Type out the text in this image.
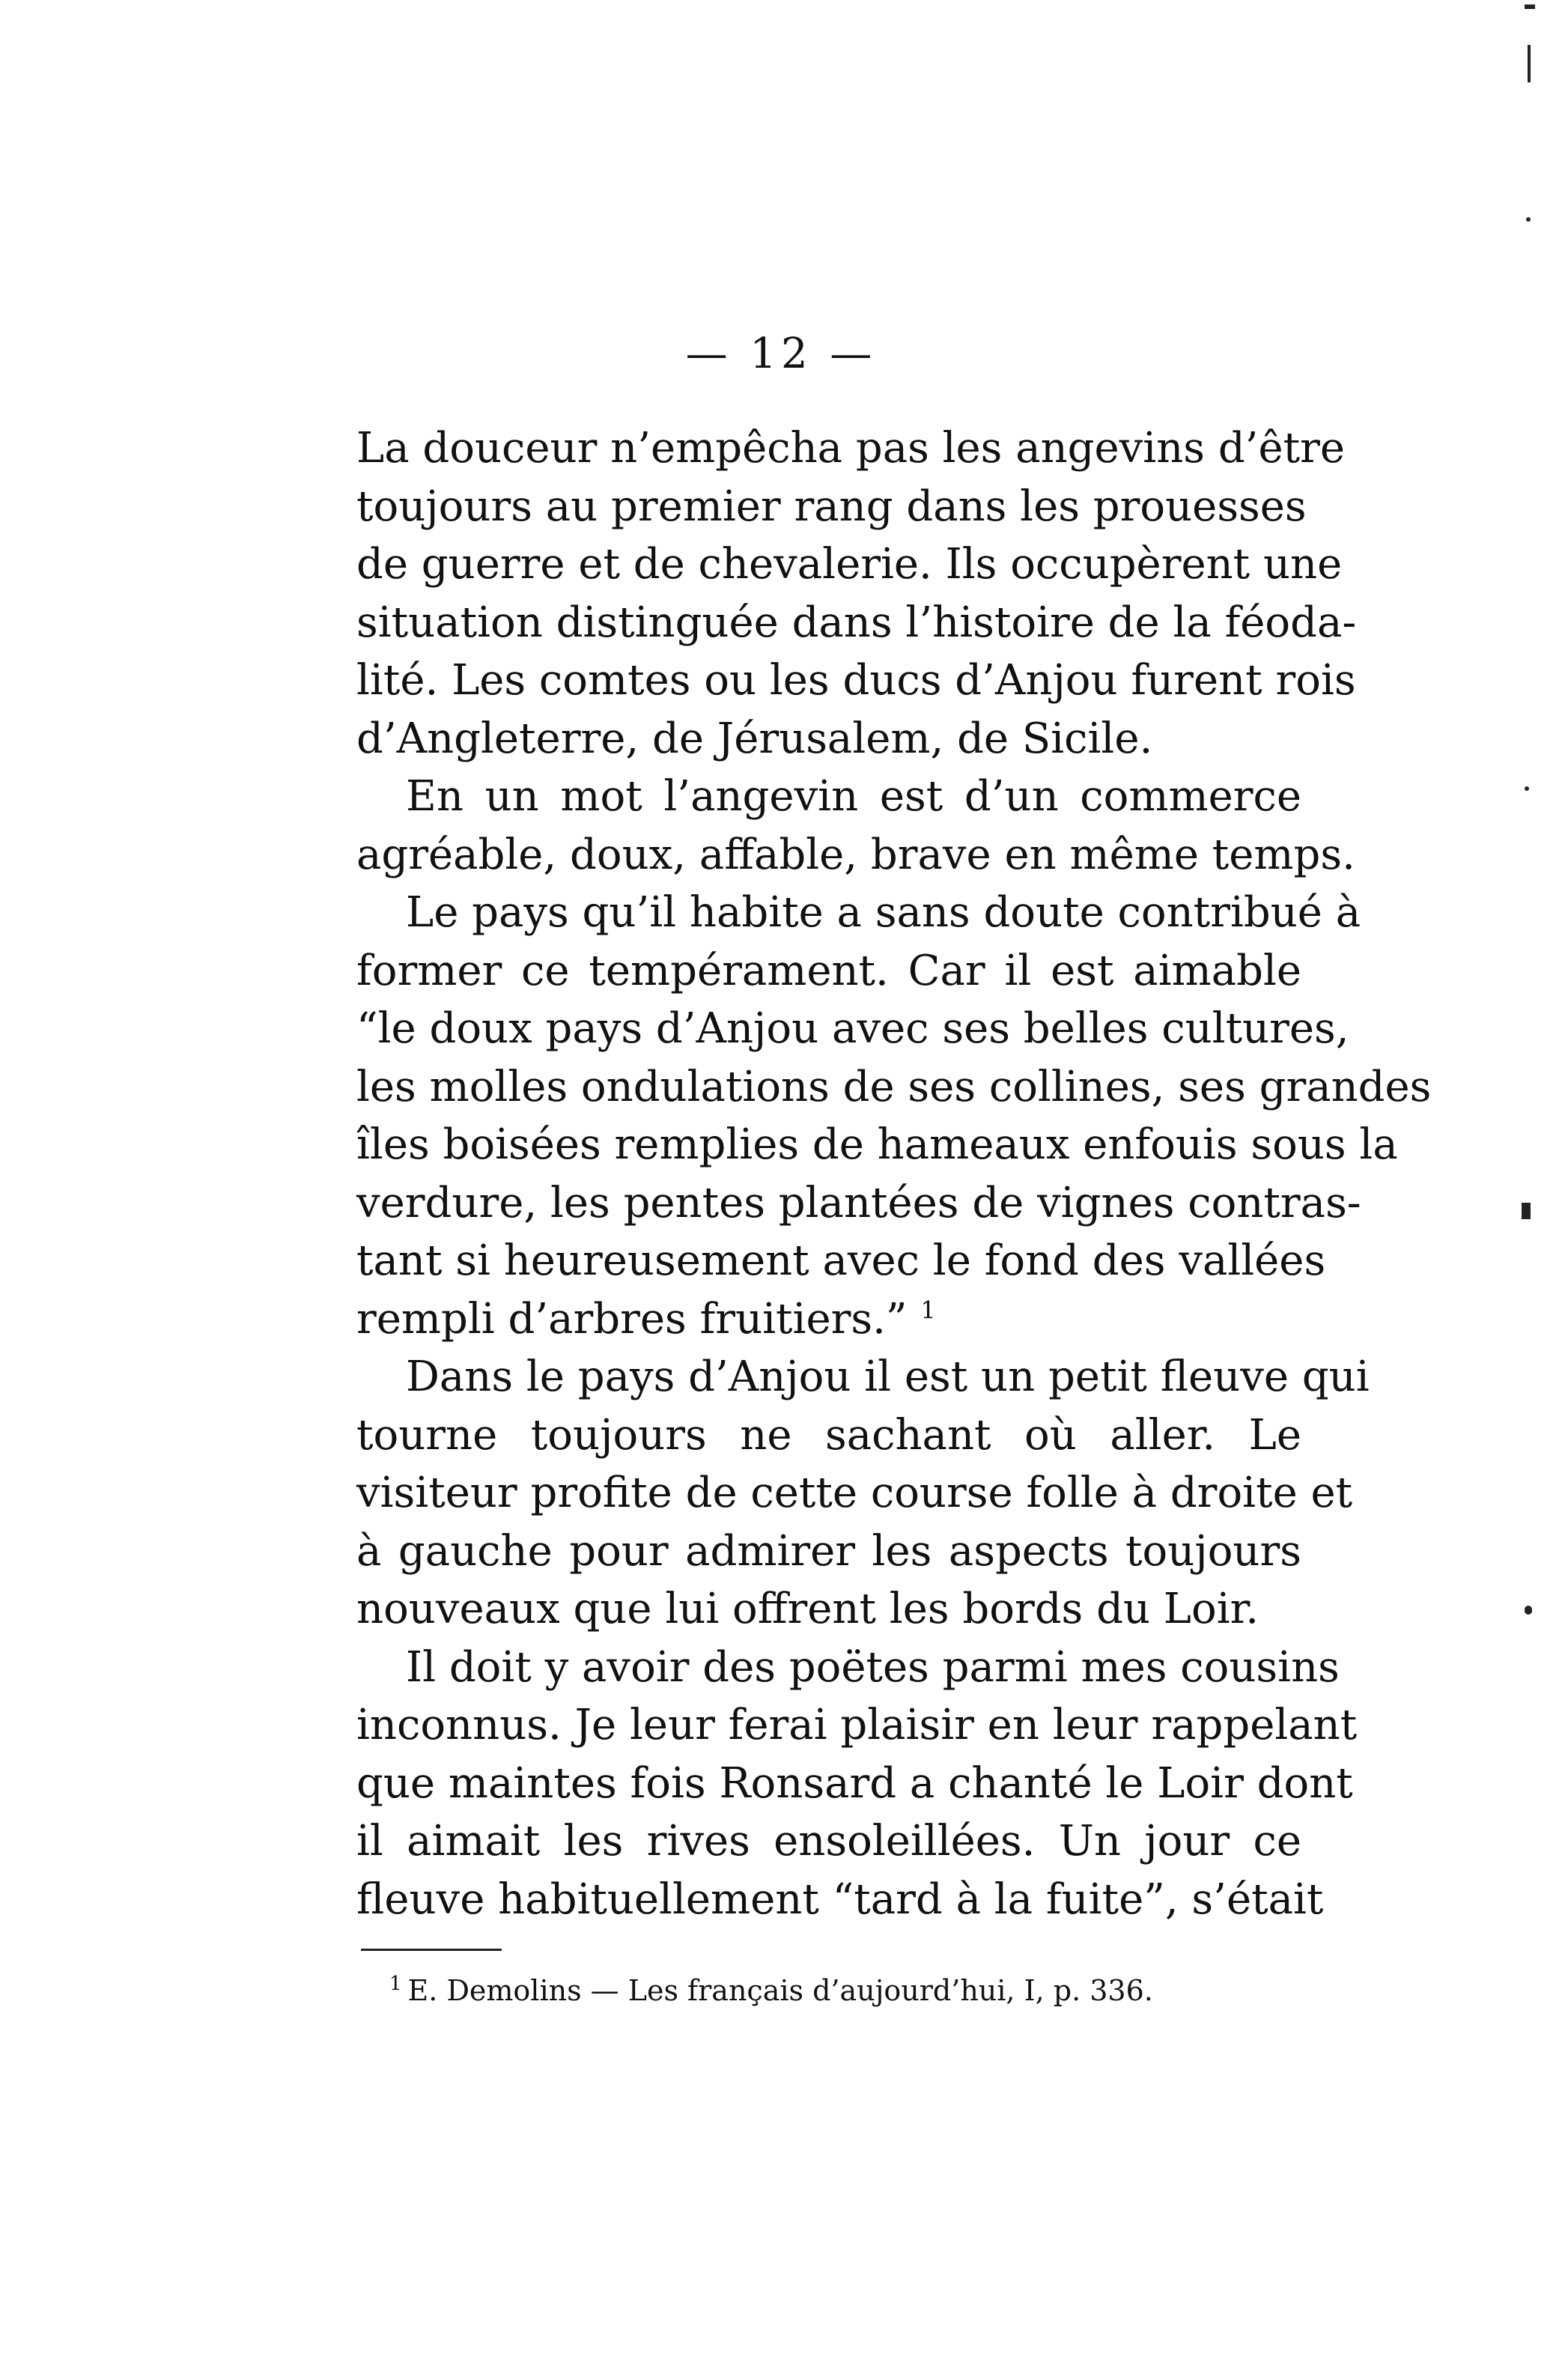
— 12 —
La douceur n’empêcha pas les angevins d’être
toujours au premier rang dans les prouesses
de guerre et de chevalerie. Ils occupèrent une
situation distinguée dans l’histoire de la féoda-
lité. Les comtes ou les ducs d’Anjou furent rois
d’Angleterre, de Jérusalem, de Sicile.
En un mot l’angevin est d’un commerce
agréable, doux, affable, brave en même temps.
Le pays qu’il habite a sans doute contribué à
former ce tempérament. Car il est aimable
“le doux pays d’Anjou avec ses belles cultures,
les molles ondulations de ses collines, ses grandes
îles boisées remplies de hameaux enfouis sous la
verdure, les pentes plantées de vignes contras-
tant si heureusement avec le fond des vallées
rempli d’arbres fruitiers.” $^1$
Dans le pays d’Anjou il est un petit fleuve qui
tourne toujours ne sachant où aller. Le
visiteur profite de cette course folle à droite et
à gauche pour admirer les aspects toujours
nouveaux que lui offrent les bords du Loir.
Il doit y avoir des poëtes parmi mes cousins
inconnus. Je leur ferai plaisir en leur rappelant
que maintes fois Ronsard a chanté le Loir dont
il aimait les rives ensoleillées. Un jour ce
fleuve habituellement “tard à la fuite”, s’était
$^1$ E. Demolins — Les français d’aujourd’hui, I, p. 336.
